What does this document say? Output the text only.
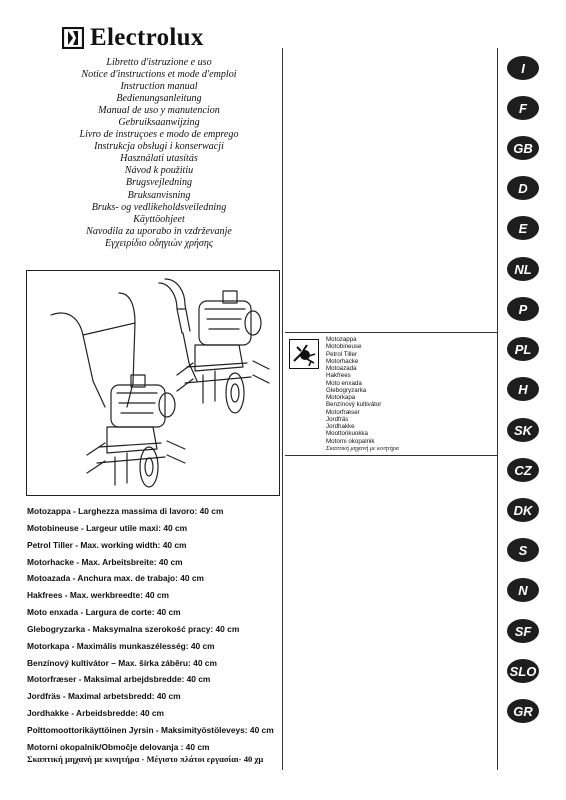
Electrolux
Libretto d'istruzione e uso
Notice d'instructions et mode d'emploi
Instruction manual
Bedienungsanleitung
Manual de uso y manutencion
Gebruiksaanwijzing
Livro de instruçoes e modo de emprego
Instrukcja obsługi i konserwacji
Használati utasítás
Návod k použitiu
Brugsvejledning
Bruksanvisning
Bruks- og vedlikeholdsveiledning
Käyttöohjeet
Navodila za uporabo in vzdrževanje
Εγχειρίδιο οδηγιών χρήσης
Motozappa
Motobineuse
Petrol Tiller
Motorhacke
Motoazada
Hakfrees
Moto enxada
Glebogryzarka
Motorkapa
Benzínový kultivátor
Motorfræser
Jordfräs
Jordhakke
Moottorikuokka
Motorni okopalnik
Σκαπτική μηχανή με κινητήρα
Motozappa - Larghezza massima di lavoro: 40 cm
Motobineuse - Largeur utile maxi: 40 cm
Petrol Tiller - Max. working width: 40 cm
Motorhacke - Max. Arbeitsbreite: 40 cm
Motoazada - Anchura max. de trabajo: 40 cm
Hakfrees - Max. werkbreedte: 40 cm
Moto enxada - Largura de corte: 40 cm
Glebogryzarka - Maksymalna szerokość pracy: 40 cm
Motorkapa - Maximális munkaszélesség: 40 cm
Benzínový kultivátor – Max. šírka záběru: 40 cm
Motorfræser - Maksimal arbejdsbredde: 40 cm
Jordfräs - Maximal arbetsbredd: 40 cm
Jordhakke - Arbeidsbredde: 40 cm
Polttomoottorikäyttöinen Jyrsin - Maksimityöstöleveys: 40 cm
Motorni okopalnik/Območje delovanja : 40 cm
Σκαπτική μηχανή με κινητήρα - Μέγιστο πλάτοι εργασίαι- 40 χμ
I
F
GB
D
E
NL
P
PL
H
SK
CZ
DK
S
N
SF
SLO
GR
